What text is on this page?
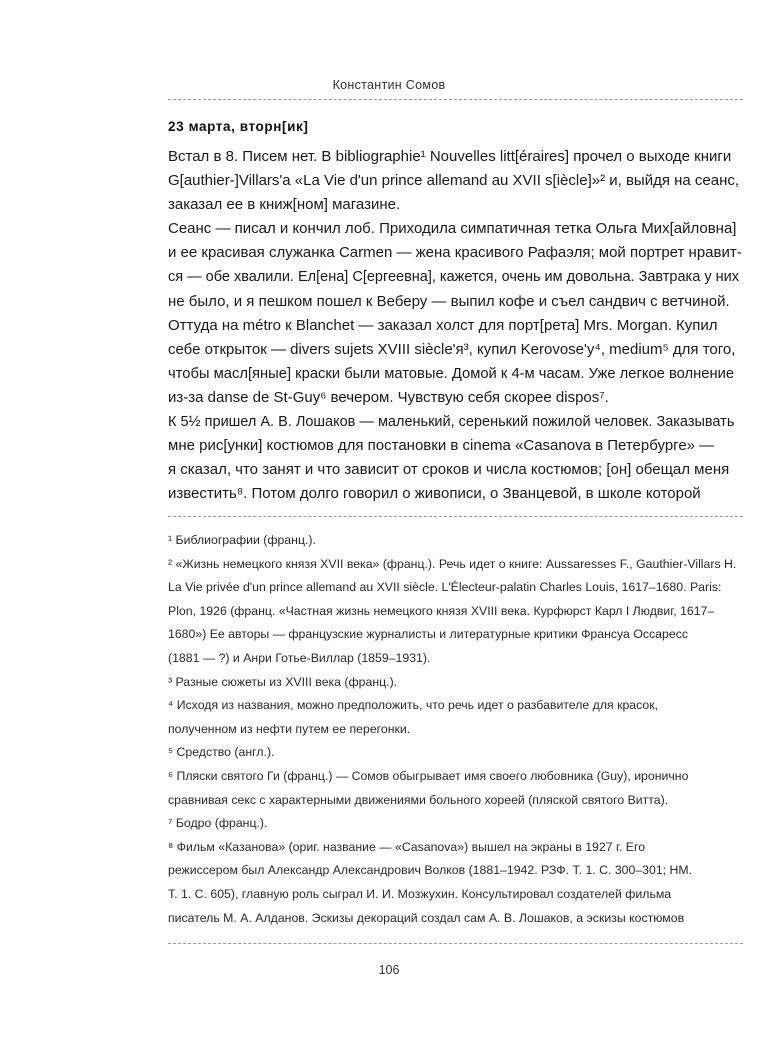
Константин Сомов
23 марта, вторн[ик]
Встал в 8. Писем нет. В bibliographie¹ Nouvelles litt[éraires] прочел о выходе книги
G[authier-]Villars'a «La Vie d'un prince allemand au XVII s[iècle]»² и, выйдя на сеанс,
заказал ее в книж[ном] магазине.
Сеанс — писал и кончил лоб. Приходила симпатичная тетка Ольга Мих[айловна]
и ее красивая служанка Carmen — жена красивого Рафаэля; мой портрет нравит-
ся — обе хвалили. Ел[ена] С[ергеевна], кажется, очень им довольна. Завтрака у них
не было, и я пешком пошел к Веберу — выпил кофе и съел сандвич с ветчиной.
Оттуда на métro к Blanchet — заказал холст для порт[рета] Mrs. Morgan. Купил
себе открыток — divers sujets XVIII siècle'я³, купил Kerovose'y⁴, medium⁵ для того,
чтобы масл[яные] краски были матовые. Домой к 4-м часам. Уже легкое волнение
из-за danse de St-Guy⁶ вечером. Чувствую себя скорее dispos⁷.
К 5½ пришел А. В. Лошаков — маленький, серенький пожилой человек. Заказывать
мне рис[унки] костюмов для постановки в cinema «Casanova в Петербурге» —
я сказал, что занят и что зависит от сроков и числа костюмов; [он] обещал меня
известить⁸. Потом долго говорил о живописи, о Званцевой, в школе которой
¹ Библиографии (франц.).
² «Жизнь немецкого князя XVII века» (франц.). Речь идет о книге: Aussaresses F., Gauthier-Villars H.
La Vie privée d'un prince allemand au XVII siècle. L'Électeur-palatin Charles Louis, 1617–1680. Paris:
Plon, 1926 (франц. «Частная жизнь немецкого князя XVIII века. Курфюрст Карл I Людвиг, 1617–
1680») Ее авторы — французские журналисты и литературные критики Франсуа Оссаресс
(1881 — ?) и Анри Готье-Виллар (1859–1931).
³ Разные сюжеты из XVIII века (франц.).
⁴ Исходя из названия, можно предположить, что речь идет о разбавителе для красок,
полученном из нефти путем ее перегонки.
⁵ Средство (англ.).
⁶ Пляски святого Ги (франц.) — Сомов обыгрывает имя своего любовника (Guy), иронично
сравнивая секс с характерными движениями больного хореей (пляской святого Витта).
⁷ Бодро (франц.).
⁸ Фильм «Казанова» (ориг. название — «Casanova») вышел на экраны в 1927 г. Его
режиссером был Александр Александрович Волков (1881–1942. РЗФ. Т. 1. С. 300–301; НМ.
Т. 1. С. 605), главную роль сыграл И. И. Мозжухин. Консультировал создателей фильма
писатель М. А. Алданов. Эскизы декораций создал сам А. В. Лошаков, а эскизы костюмов
106
